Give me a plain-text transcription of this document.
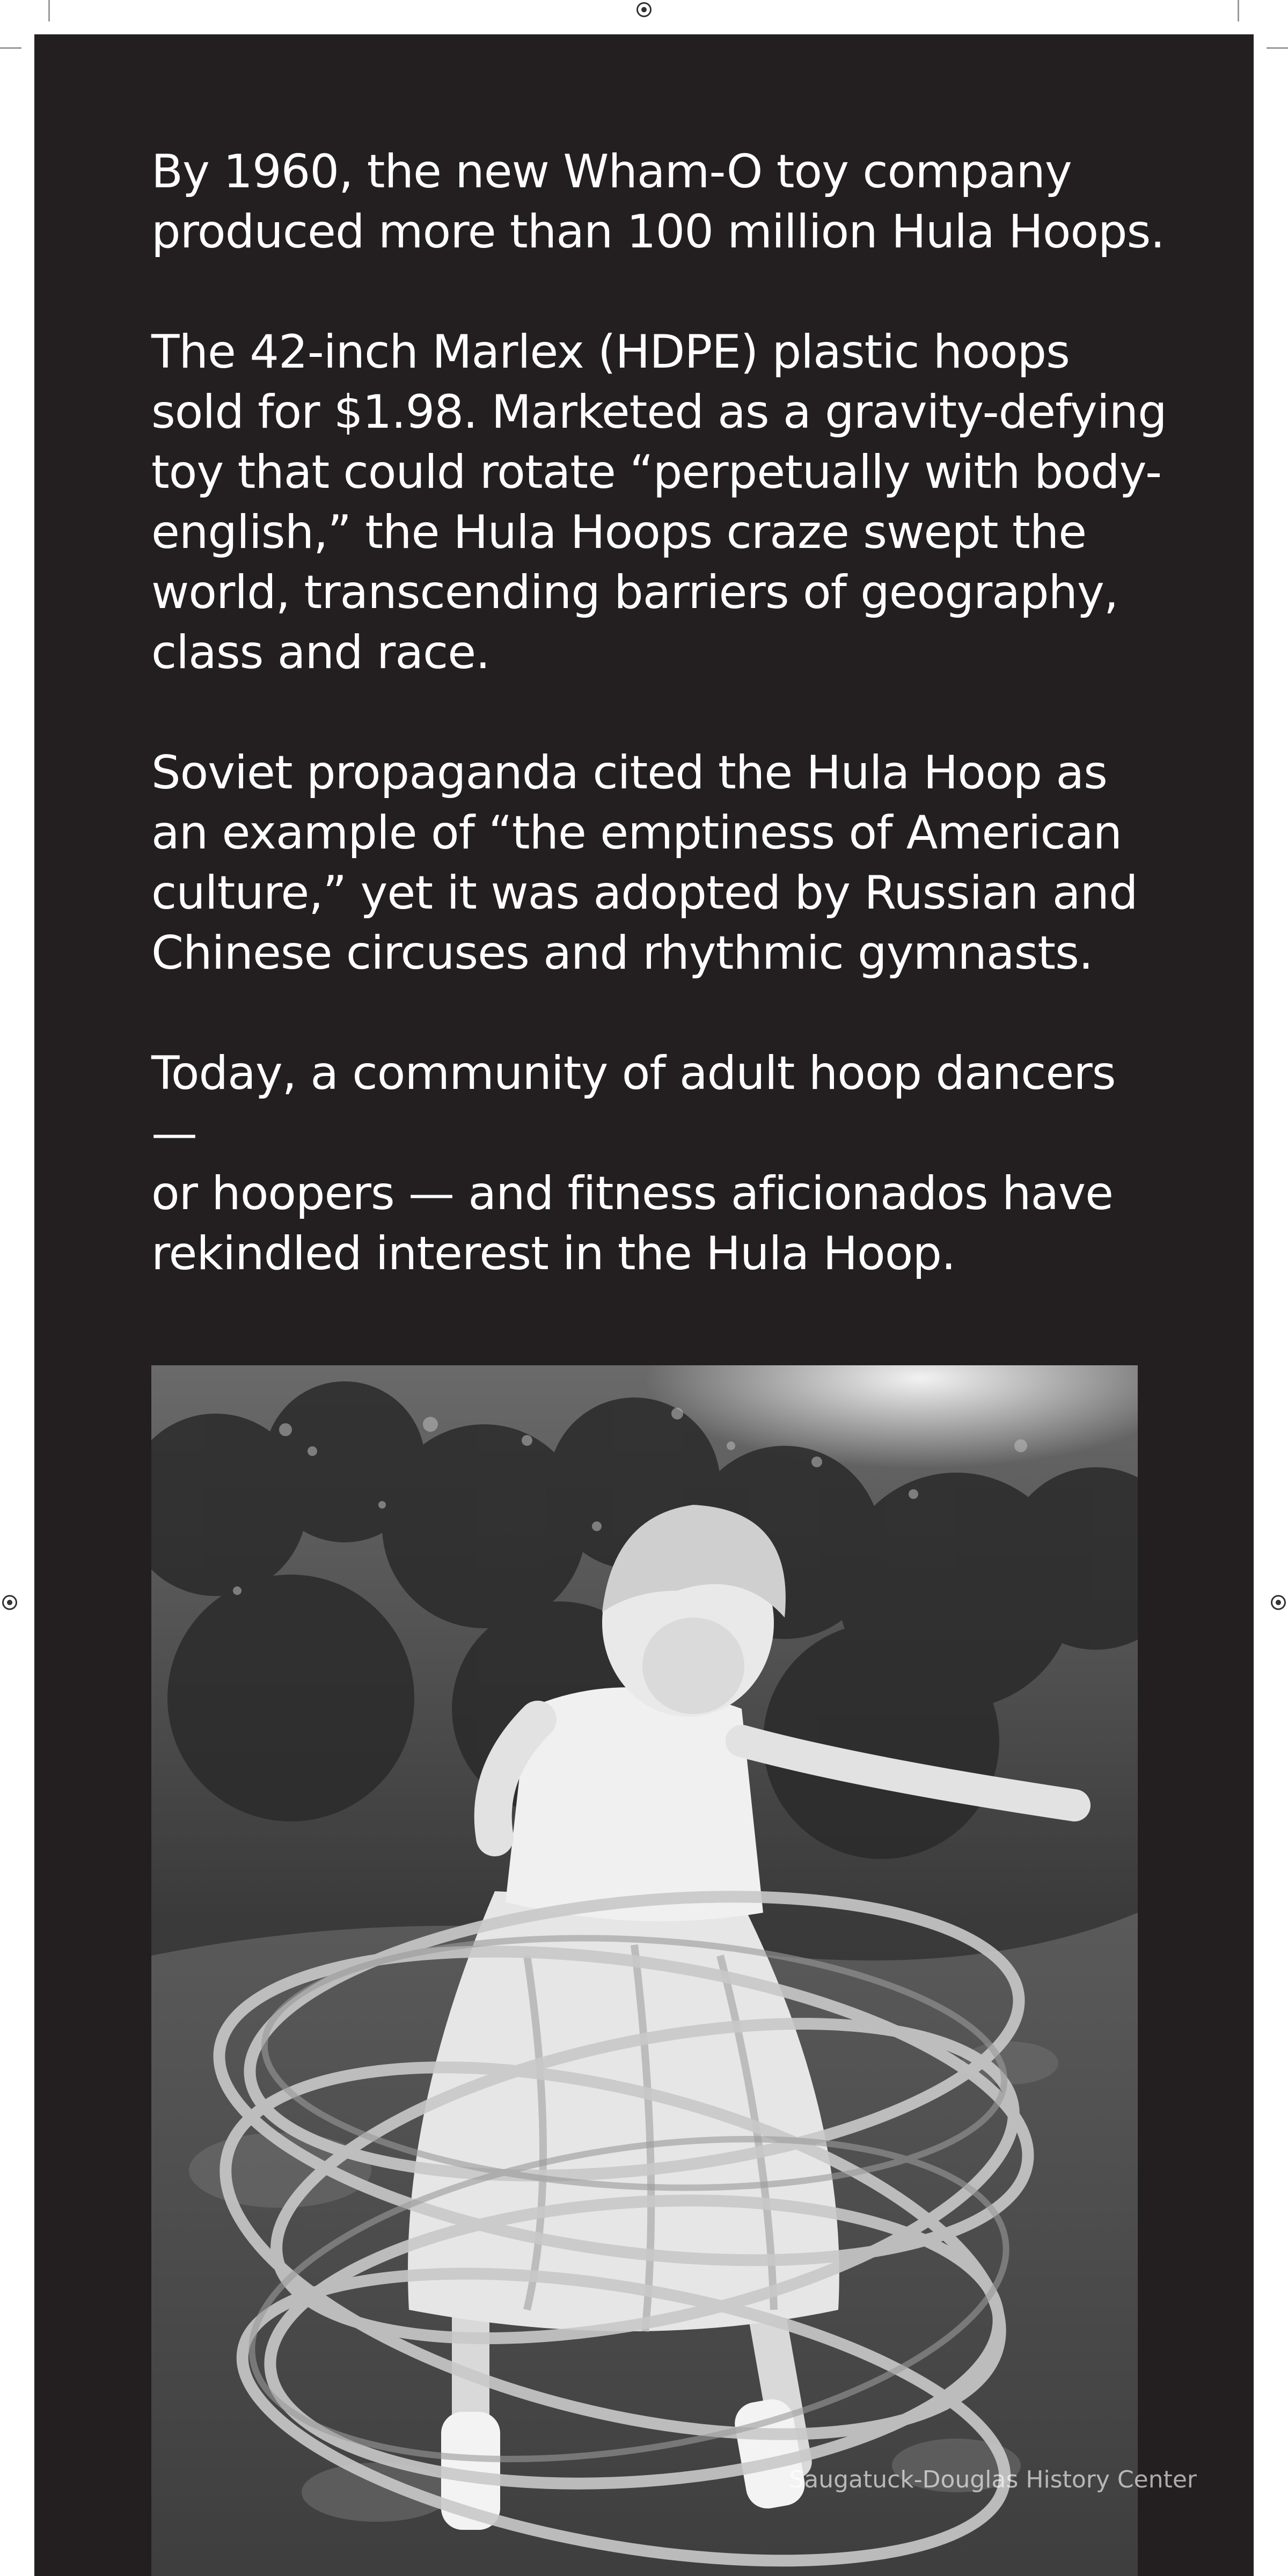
By 1960, the new Wham-O toy company
produced more than 100 million Hula Hoops.

The 42-inch Marlex (HDPE) plastic hoops
sold for $1.98. Marketed as a gravity-defying
toy that could rotate “perpetually with body-
english,” the Hula Hoops craze swept the
world, transcending barriers of geography,
class and race.

Soviet propaganda cited the Hula Hoop as
an example of “the emptiness of American
culture,” yet it was adopted by Russian and
Chinese circuses and rhythmic gymnasts.

Today, a community of adult hoop dancers —
or hoopers — and fitness aficionados have
rekindled interest in the Hula Hoop.

Saugatuck-Douglas History Center
